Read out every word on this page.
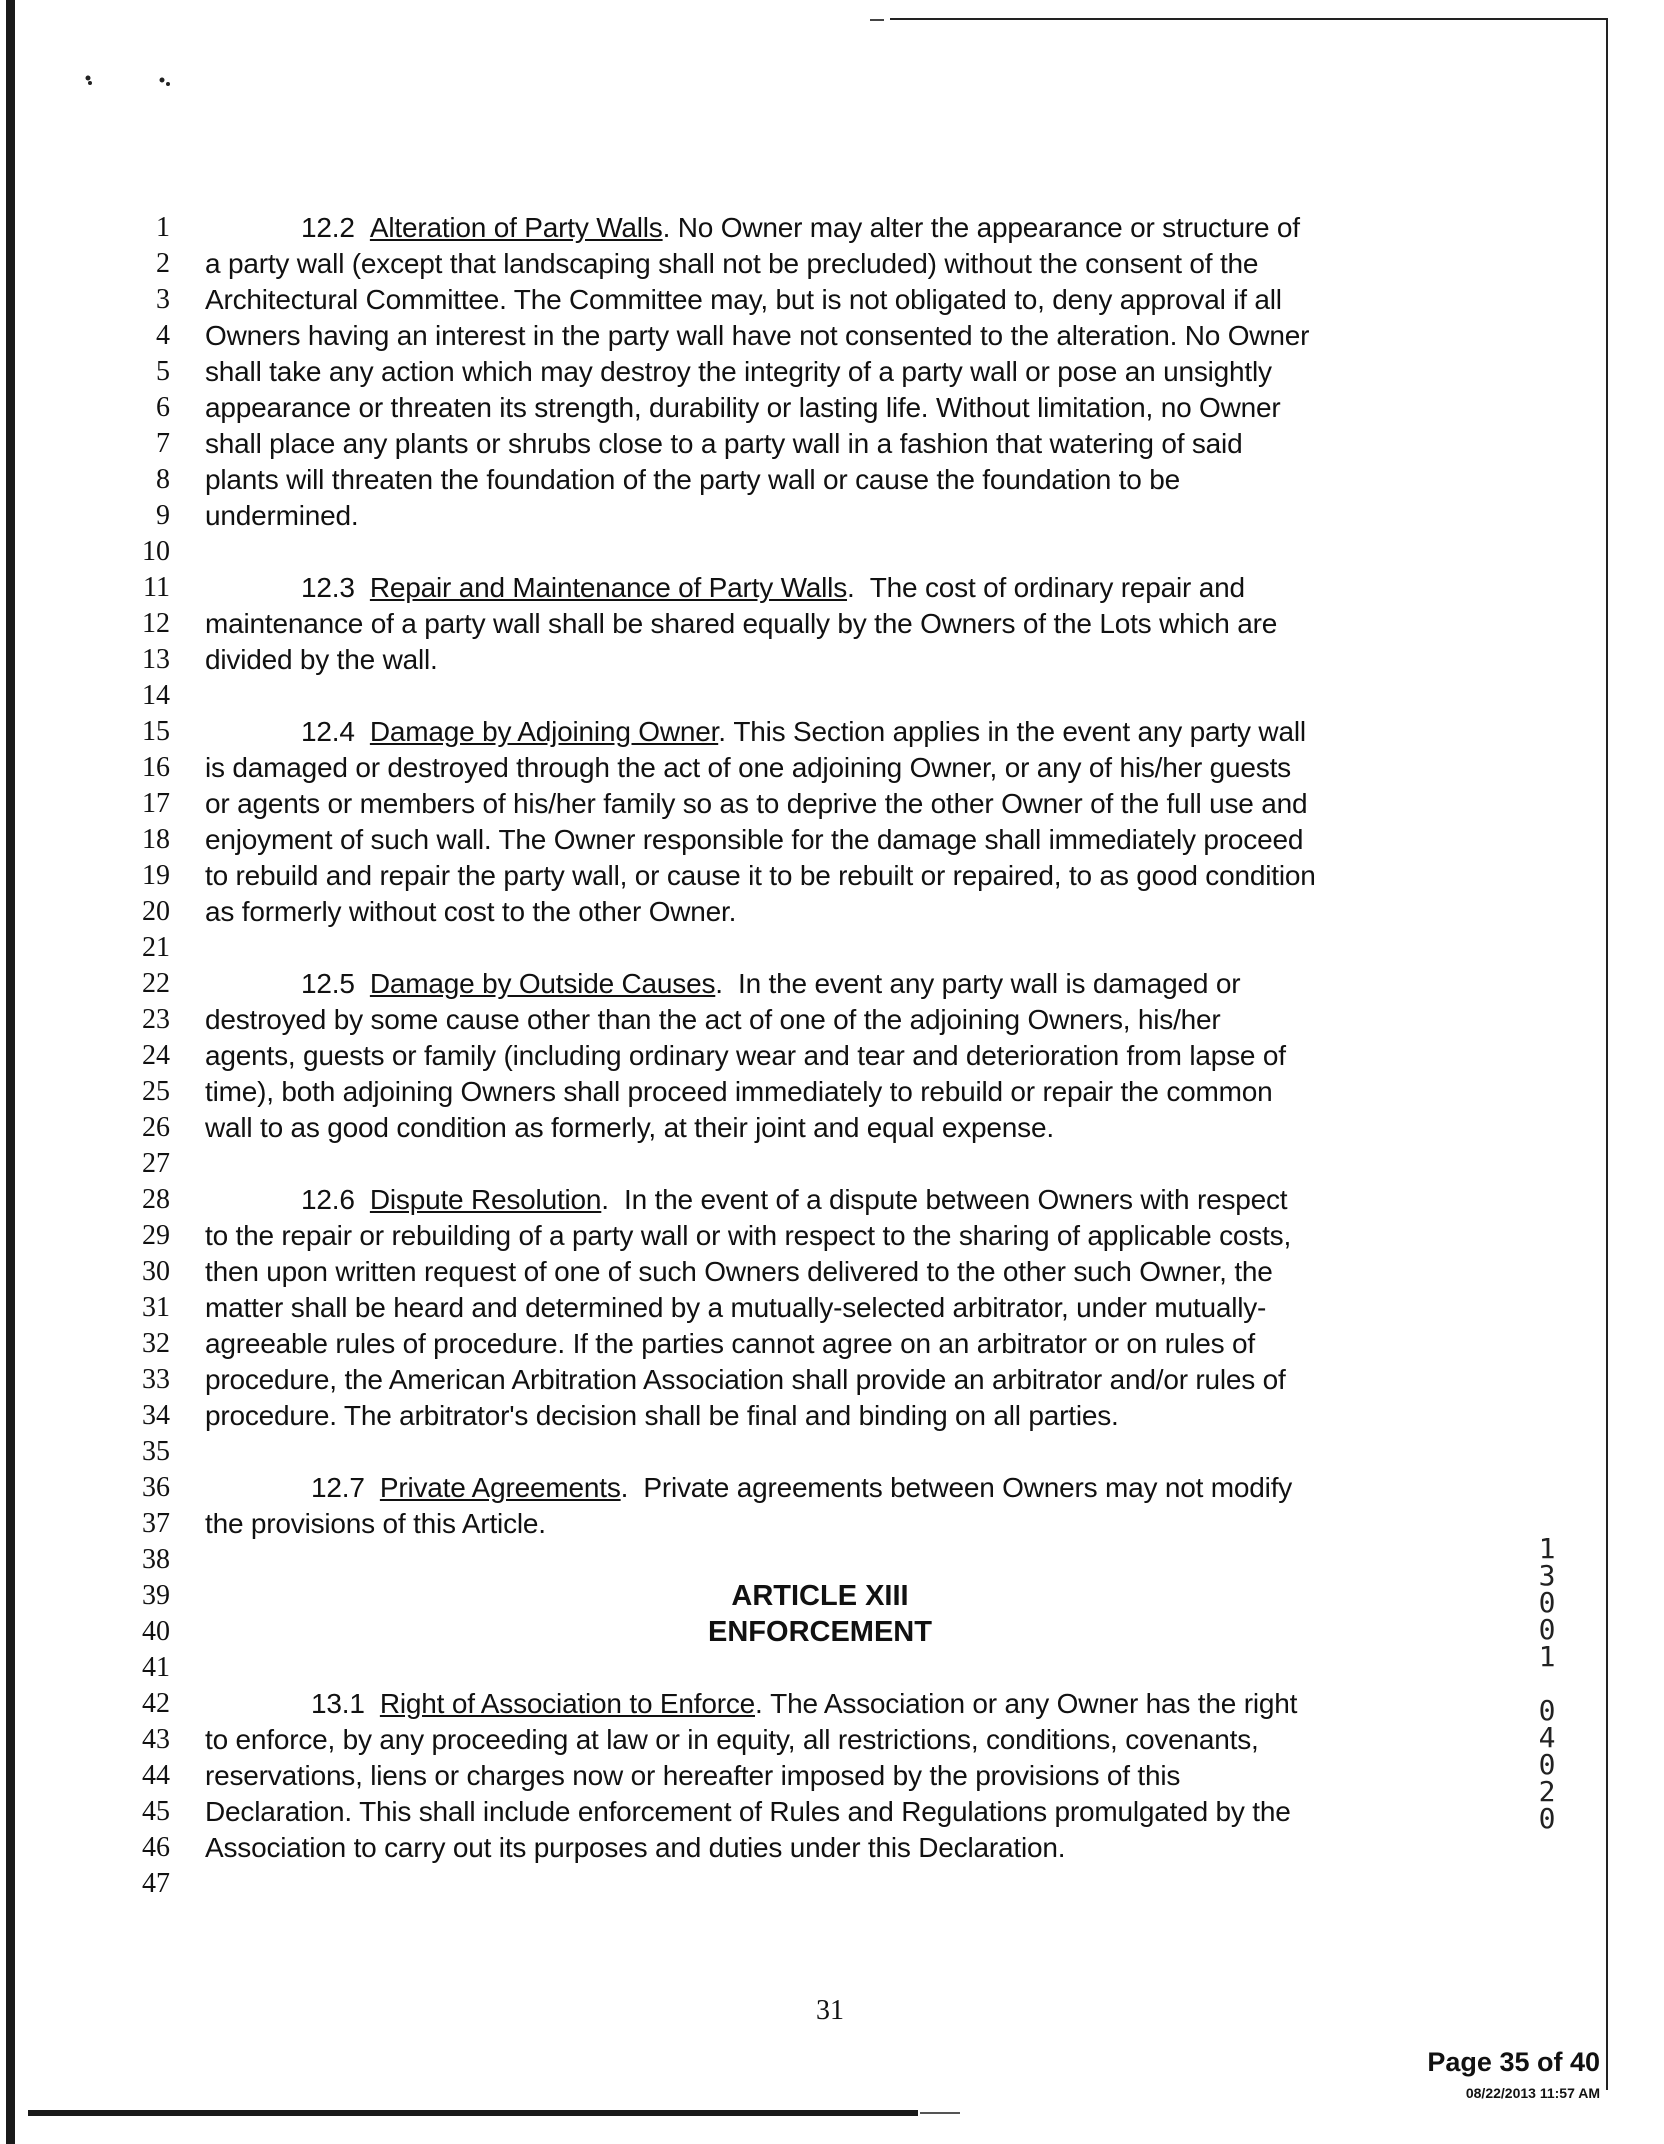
1
2
3
4
5
6
7
8
9
10
11
12
13
14
15
16
17
18
19
20
21
22
23
24
25
26
27
28
29
30
31
32
33
34
35
36
37
38
39
40
41
42
43
44
45
46
47
12.2 Alteration of Party Walls. No Owner may alter the appearance or structure of
a party wall (except that landscaping shall not be precluded) without the consent of the
Architectural Committee. The Committee may, but is not obligated to, deny approval if all
Owners having an interest in the party wall have not consented to the alteration. No Owner
shall take any action which may destroy the integrity of a party wall or pose an unsightly
appearance or threaten its strength, durability or lasting life. Without limitation, no Owner
shall place any plants or shrubs close to a party wall in a fashion that watering of said
plants will threaten the foundation of the party wall or cause the foundation to be
undermined.
12.3 Repair and Maintenance of Party Walls.  The cost of ordinary repair and
maintenance of a party wall shall be shared equally by the Owners of the Lots which are
divided by the wall.
12.4 Damage by Adjoining Owner. This Section applies in the event any party wall
is damaged or destroyed through the act of one adjoining Owner, or any of his/her guests
or agents or members of his/her family so as to deprive the other Owner of the full use and
enjoyment of such wall. The Owner responsible for the damage shall immediately proceed
to rebuild and repair the party wall, or cause it to be rebuilt or repaired, to as good condition
as formerly without cost to the other Owner.
12.5 Damage by Outside Causes.  In the event any party wall is damaged or
destroyed by some cause other than the act of one of the adjoining Owners, his/her
agents, guests or family (including ordinary wear and tear and deterioration from lapse of
time), both adjoining Owners shall proceed immediately to rebuild or repair the common
wall to as good condition as formerly, at their joint and equal expense.
12.6 Dispute Resolution.  In the event of a dispute between Owners with respect
to the repair or rebuilding of a party wall or with respect to the sharing of applicable costs,
then upon written request of one of such Owners delivered to the other such Owner, the
matter shall be heard and determined by a mutually-selected arbitrator, under mutually-
agreeable rules of procedure. If the parties cannot agree on an arbitrator or on rules of
procedure, the American Arbitration Association shall provide an arbitrator and/or rules of
procedure. The arbitrator's decision shall be final and binding on all parties.
12.7 Private Agreements.  Private agreements between Owners may not modify
the provisions of this Article.
ARTICLE XIII
ENFORCEMENT
13.1 Right of Association to Enforce. The Association or any Owner has the right
to enforce, by any proceeding at law or in equity, all restrictions, conditions, covenants,
reservations, liens or charges now or hereafter imposed by the provisions of this
Declaration. This shall include enforcement of Rules and Regulations promulgated by the
Association to carry out its purposes and duties under this Declaration.
1
3
0
0
1
0
4
0
2
0
31
Page 35 of 40
08/22/2013 11:57 AM
